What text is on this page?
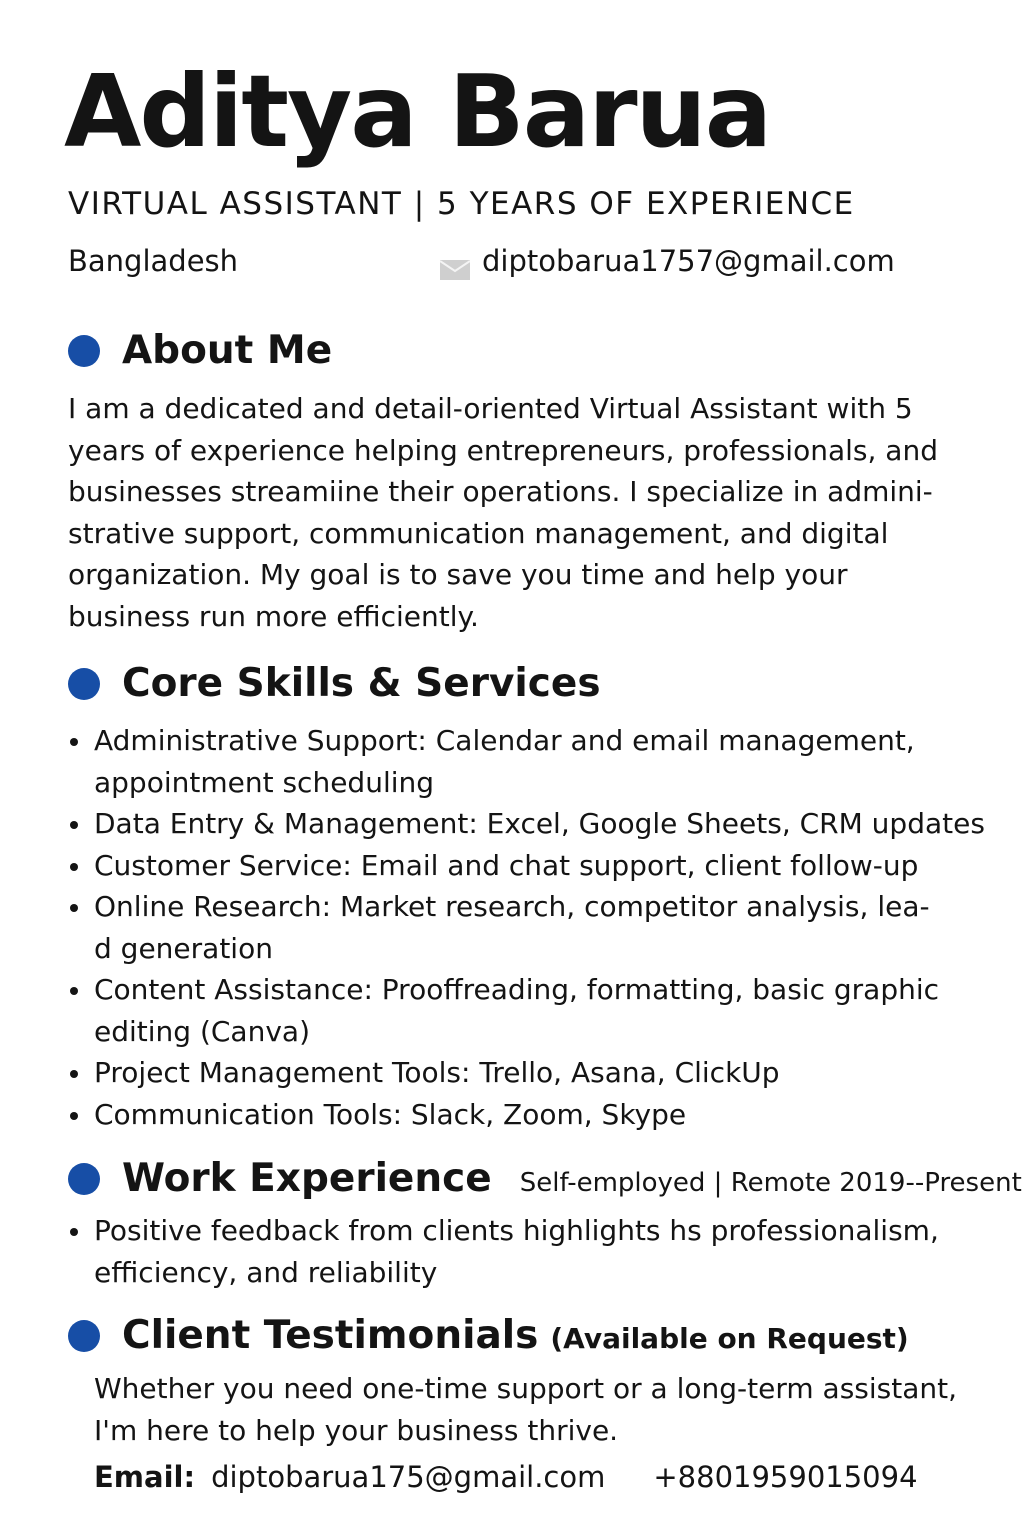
Aditya Barua
VIRTUAL ASSISTANT | 5 YEARS OF EXPERIENCE
Bangladesh	diptobarua1757@gmail.com
About Me

I am a dedicated and detail-oriented Virtual Assistant with 5
years of experience helping entrepreneurs, professionals, and
businesses streamiine their operations. I specialize in admini-
strative support, communication management, and digital
organization. My goal is to save you time and help your
business run more efficiently.

Core Skills & Services
Administrative Support: Calendar and email management,
appointment scheduling
Data Entry & Management: Excel, Google Sheets, CRM updates
Customer Service: Email and chat support, client follow-up
Online Research: Market research, competitor analysis, lea-
d generation
Content Assistance: Prooffreading, formatting, basic graphic
editing (Canva)
Project Management Tools: Trello, Asana, ClickUp
Communication Tools: Slack, Zoom, Skype
Work Experience Self-employed | Remote 2019--Present
Positive feedback from clients highlights hs professionalism,
efficiency, and reliability
Client Testimonials (Available on Request)

Whether you need one-time support or a long-term assistant,
I'm here to help your business thrive.

Email: diptobarua175@gmail.com +8801959015094
